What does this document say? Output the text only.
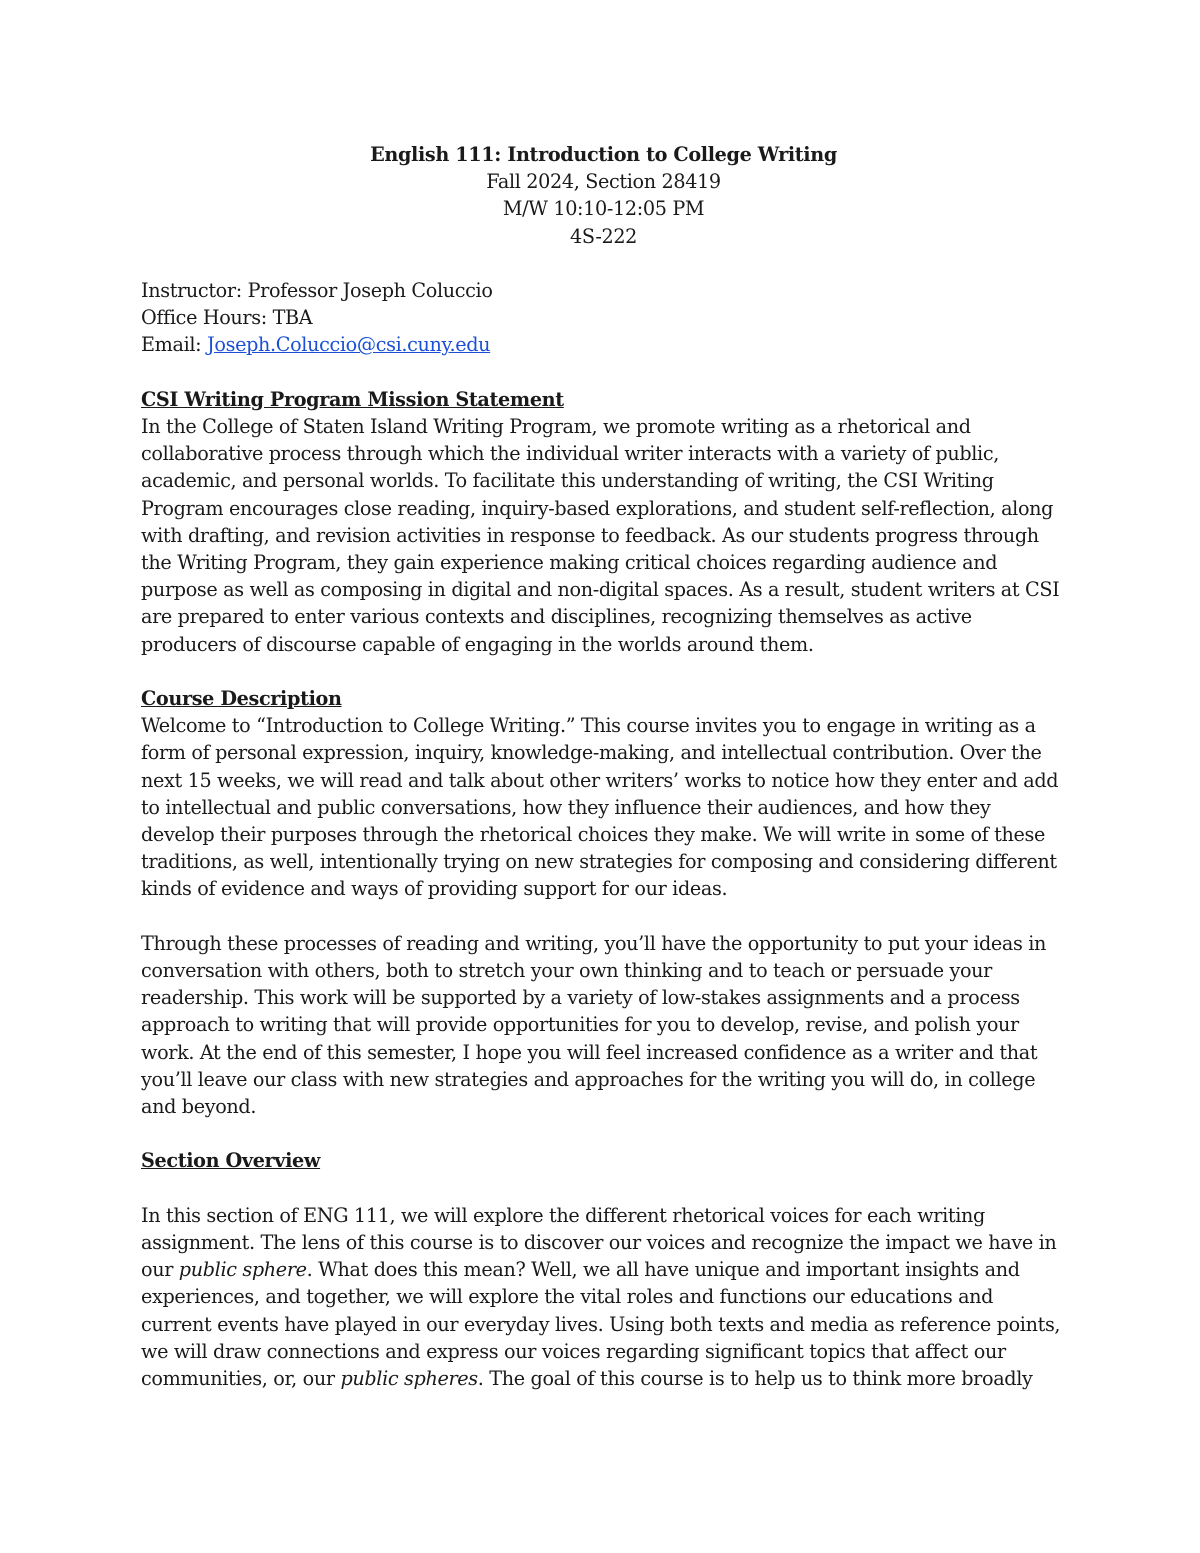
English 111: Introduction to College Writing
Fall 2024, Section 28419
M/W 10:10-12:05 PM
4S-222
Instructor: Professor Joseph Coluccio
Office Hours: TBA
Email: Joseph.Coluccio@csi.cuny.edu
CSI Writing Program Mission Statement

In the College of Staten Island Writing Program, we promote writing as a rhetorical and collaborative process through which the individual writer interacts with a variety of public, academic, and personal worlds. To facilitate this understanding of writing, the CSI Writing Program encourages close reading, inquiry-based explorations, and student self-reflection, along with drafting, and revision activities in response to feedback. As our students progress through the Writing Program, they gain experience making critical choices regarding audience and purpose as well as composing in digital and non-digital spaces. As a result, student writers at CSI are prepared to enter various contexts and disciplines, recognizing themselves as active producers of discourse capable of engaging in the worlds around them.

Course Description

Welcome to “Introduction to College Writing.” This course invites you to engage in writing as a form of personal expression, inquiry, knowledge-making, and intellectual contribution. Over the next 15 weeks, we will read and talk about other writers’ works to notice how they enter and add to intellectual and public conversations, how they influence their audiences, and how they develop their purposes through the rhetorical choices they make. We will write in some of these traditions, as well, intentionally trying on new strategies for composing and considering different kinds of evidence and ways of providing support for our ideas.

Through these processes of reading and writing, you’ll have the opportunity to put your ideas in conversation with others, both to stretch your own thinking and to teach or persuade your readership. This work will be supported by a variety of low-stakes assignments and a process approach to writing that will provide opportunities for you to develop, revise, and polish your work. At the end of this semester, I hope you will feel increased confidence as a writer and that you’ll leave our class with new strategies and approaches for the writing you will do, in college and beyond.

Section Overview

In this section of ENG 111, we will explore the different rhetorical voices for each writing assignment. The lens of this course is to discover our voices and recognize the impact we have in our public sphere. What does this mean? Well, we all have unique and important insights and experiences, and together, we will explore the vital roles and functions our educations and current events have played in our everyday lives. Using both texts and media as reference points, we will draw connections and express our voices regarding significant topics that affect our communities, or, our public spheres. The goal of this course is to help us to think more broadly
